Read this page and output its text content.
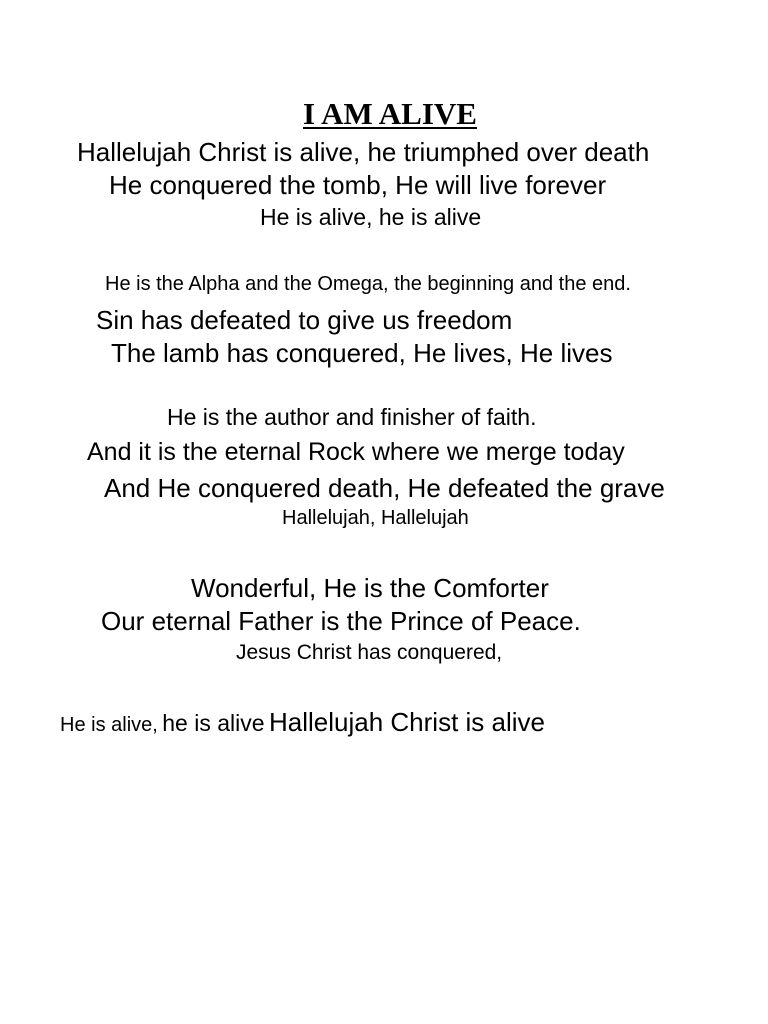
I AM ALIVE

Hallelujah Christ is alive, he triumphed over death

He conquered the tomb, He will live forever

He is alive, he is alive

He is the Alpha and the Omega, the beginning and the end.

Sin has defeated to give us freedom

The lamb has conquered, He lives, He lives

He is the author and finisher of faith.

And it is the eternal Rock where we merge today

And He conquered death, He defeated the grave

Hallelujah, Hallelujah

Wonderful, He is the Comforter

Our eternal Father is the Prince of Peace.

Jesus Christ has conquered,

He is alive, he is alive Hallelujah Christ is alive
